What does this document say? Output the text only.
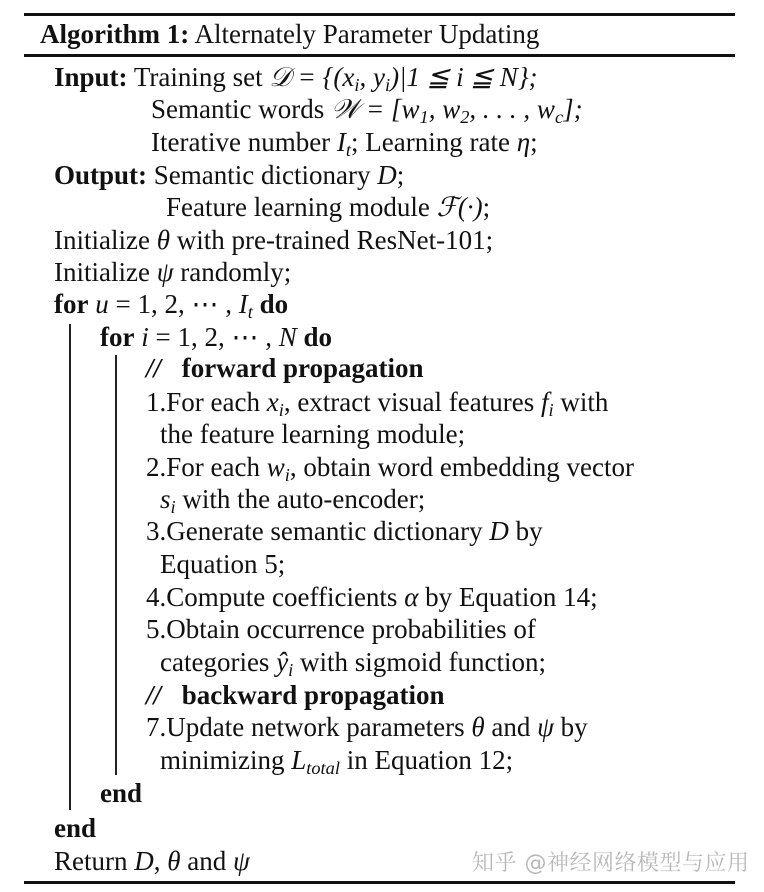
Algorithm 1: Alternately Parameter Updating
Input: Training set 𝒟 = {($x_i$, $y_i)|1$ ≦ i ≦ N};
Semantic words 𝒲 = [$w_1$, $w_2$, . . . , $w_c$];
Iterative number $I_t$; Learning rate η;
Output: Semantic dictionary D;
Feature learning module ℱ(·);
Initialize θ with pre-trained ResNet-101;
Initialize ψ randomly;
for u = 1, 2, ⋯ , $I_t$ do
for i = 1, 2, ⋯ , N do
// forward propagation
1.For each $x_i$, extract visual features $f_i$ with
the feature learning module;
2.For each $w_i$, obtain word embedding vector
$s_i$ with the auto-encoder;
3.Generate semantic dictionary D by
Equation 5;
4.Compute coefficients α by Equation 14;
5.Obtain occurrence probabilities of
categories $ŷ_i$ with sigmoid function;
// backward propagation
7.Update network parameters θ and ψ by
minimizing $L_{total}$ in Equation 12;
end
end
Return D, θ and ψ	知乎 @神经网络模型与应用
